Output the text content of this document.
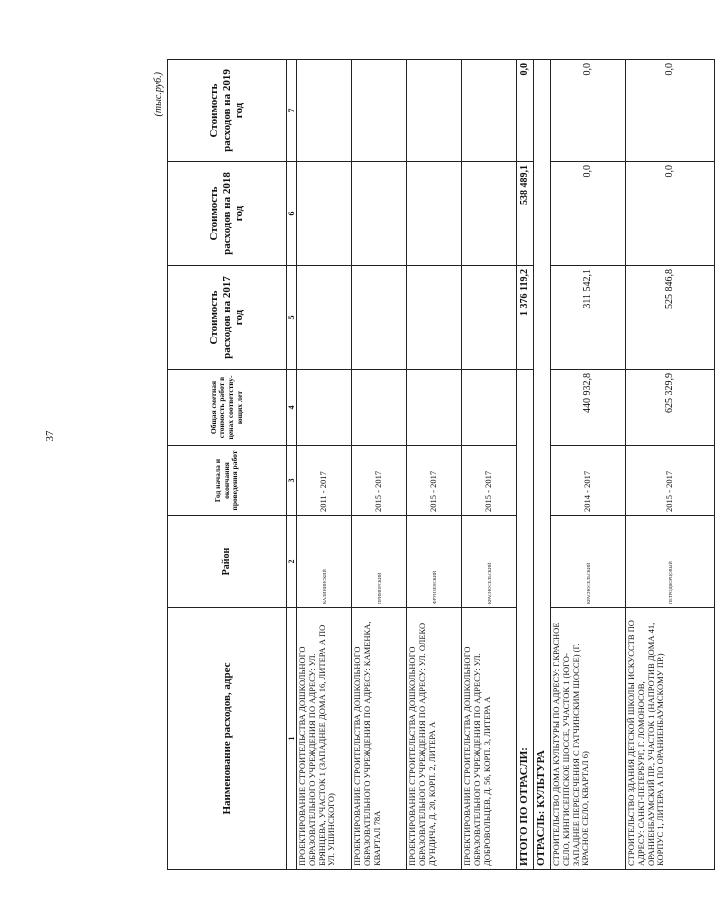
37
(тыс.руб.)
Наименование расходов, адрес	Район	Год начала и окончания проведения работ	Общая сметная стоимость работ в ценах соответству-ющих лет	Стоимость расходов на 2017 год	Стоимость расходов на 2018 год	Стоимость расходов на 2019 год
1	2	3	4	5	6	7
ПРОЕКТИРОВАНИЕ СТРОИТЕЛЬСТВА ДОШКОЛЬНОГО ОБРАЗОВАТЕЛЬНОГО УЧРЕЖДЕНИЯ ПО АДРЕСУ: УЛ. БРЯНЦЕВА, УЧАСТОК 1 (ЗАПАДНЕЕ ДОМА 16, ЛИТЕРА А ПО УЛ. УШИНСКОГО)	КАЛИНИНСКИЙ	2011 - 2017				
ПРОЕКТИРОВАНИЕ СТРОИТЕЛЬСТВА ДОШКОЛЬНОГО ОБРАЗОВАТЕЛЬНОГО УЧРЕЖДЕНИЯ ПО АДРЕСУ: КАМЕНКА, КВАРТАЛ 78А	ПРИМОРСКИЙ	2015 - 2017				
ПРОЕКТИРОВАНИЕ СТРОИТЕЛЬСТВА ДОШКОЛЬНОГО ОБРАЗОВАТЕЛЬНОГО УЧРЕЖДЕНИЯ ПО АДРЕСУ: УЛ. ОЛЕКО ДУНДИЧА, Д. 20, КОРП. 2, ЛИТЕРА А	ФРУНЗЕНСКИЙ	2015 - 2017				
ПРОЕКТИРОВАНИЕ СТРОИТЕЛЬСТВА ДОШКОЛЬНОГО ОБРАЗОВАТЕЛЬНОГО УЧРЕЖДЕНИЯ ПО АДРЕСУ: УЛ. ДОБРОВОЛЬЦЕВ, Д. 56, КОРП. 3, ЛИТЕРА А	КРАСНОСЕЛЬСКИЙ	2015 - 2017				
ИТОГО ПО ОТРАСЛИ:				1 376 119,2	538 489,1	0,0
ОТРАСЛЬ: КУЛЬТУРА						
СТРОИТЕЛЬСТВО ДОМА КУЛЬТУРЫ ПО АДРЕСУ: Г.КРАСНОЕ СЕЛО, КИНГИСЕППСКОЕ ШОССЕ, УЧАСТОК 1 (ЮГО-ЗАПАДНЕЕ ПЕРЕСЕЧЕНИЯ С ГАТЧИНСКИМ ШОССЕ) (Г. КРАСНОЕ СЕЛО, КВАРТАЛ 6)	КРАСНОСЕЛЬСКИЙ	2014 - 2017	440 932,8	311 542,1	0,0	0,0
СТРОИТЕЛЬСТВО ЗДАНИЯ ДЕТСКОЙ ШКОЛЫ ИСКУССТВ ПО АДРЕСУ: САНКТ-ПЕТЕРБУРГ, Г. ЛОМОНОСОВ, ОРАНИЕНБАУМСКИЙ ПР., УЧАСТОК 1 (НАПРОТИВ ДОМА 41, КОРПУС 1, ЛИТЕРА А ПО ОРАНИЕНБАУМСКОМУ ПР.)	ПЕТРОДВОРЦОВЫЙ	2015 - 2017	625 329,9	525 846,8	0,0	0,0
